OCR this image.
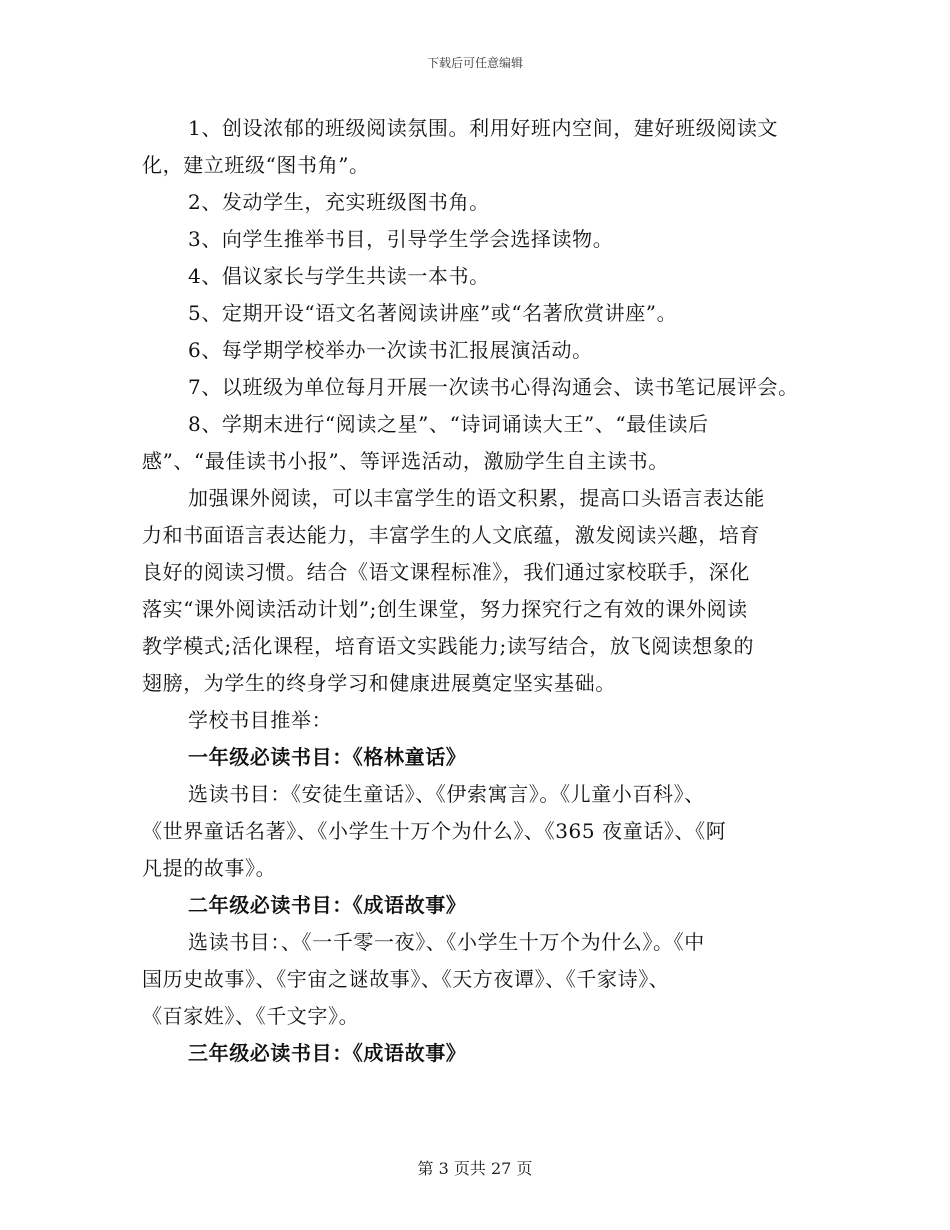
下载后可任意编辑
1、创设浓郁的班级阅读氛围。利用好班内空间，建好班级阅读文
化，建立班级“图书角”。
2、发动学生，充实班级图书角。
3、向学生推举书目，引导学生学会选择读物。
4、倡议家长与学生共读一本书。
5、定期开设“语文名著阅读讲座”或“名著欣赏讲座”。
6、每学期学校举办一次读书汇报展演活动。
7、以班级为单位每月开展一次读书心得沟通会、读书笔记展评会。
8、学期末进行“阅读之星”、“诗词诵读大王”、“最佳读后
感”、“最佳读书小报”、等评选活动，激励学生自主读书。
加强课外阅读，可以丰富学生的语文积累，提高口头语言表达能
力和书面语言表达能力，丰富学生的人文底蕴，激发阅读兴趣，培育
良好的阅读习惯。结合《语文课程标准》，我们通过家校联手，深化
落实“课外阅读活动计划”;创生课堂，努力探究行之有效的课外阅读
教学模式;活化课程，培育语文实践能力;读写结合，放飞阅读想象的
翅膀，为学生的终身学习和健康进展奠定坚实基础。
学校书目推举：
一年级必读书目：《格林童话》
选读书目：《安徒生童话》、《伊索寓言》。《儿童小百科》、
《世界童话名著》、《小学生十万个为什么》、《365 夜童话》、《阿
凡提的故事》。
二年级必读书目：《成语故事》
选读书目：、《一千零一夜》、《小学生十万个为什么》。《中
国历史故事》、《宇宙之谜故事》、《天方夜谭》、《千家诗》、
《百家姓》、《千文字》。
三年级必读书目：《成语故事》
第 3 页共 27 页
